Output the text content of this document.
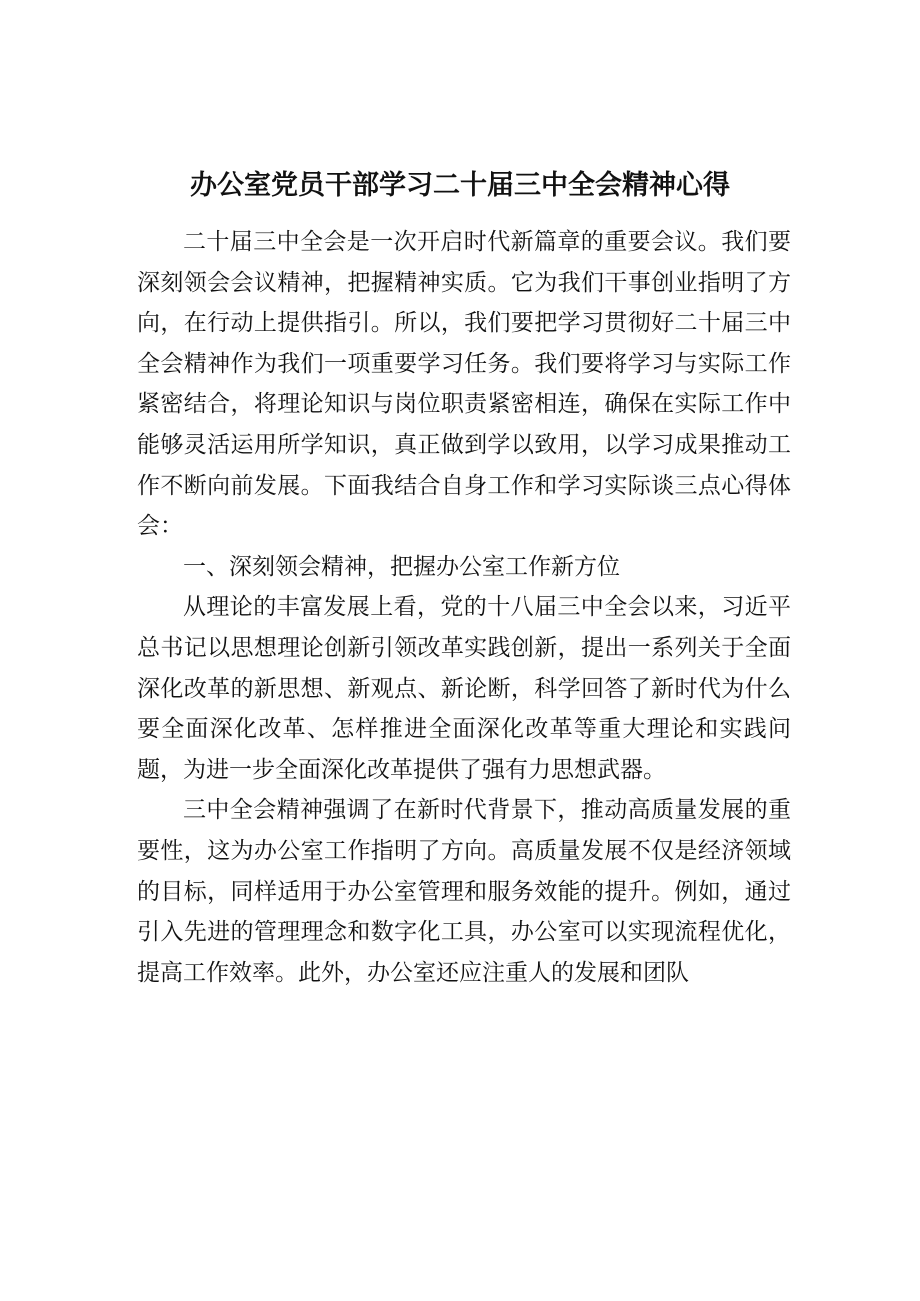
办公室党员干部学习二十届三中全会精神心得

二十届三中全会是一次开启时代新篇章的重要会议。我们要深刻领会会议精神，把握精神实质。它为我们干事创业指明了方向，在行动上提供指引。所以，我们要把学习贯彻好二十届三中全会精神作为我们一项重要学习任务。我们要将学习与实际工作紧密结合，将理论知识与岗位职责紧密相连，确保在实际工作中能够灵活运用所学知识，真正做到学以致用，以学习成果推动工作不断向前发展。下面我结合自身工作和学习实际谈三点心得体会：

一、深刻领会精神，把握办公室工作新方位

从理论的丰富发展上看，党的十八届三中全会以来，习近平总书记以思想理论创新引领改革实践创新，提出一系列关于全面深化改革的新思想、新观点、新论断，科学回答了新时代为什么要全面深化改革、怎样推进全面深化改革等重大理论和实践问题，为进一步全面深化改革提供了强有力思想武器。

三中全会精神强调了在新时代背景下，推动高质量发展的重要性，这为办公室工作指明了方向。高质量发展不仅是经济领域的目标，同样适用于办公室管理和服务效能的提升。例如，通过引入先进的管理理念和数字化工具，办公室可以实现流程优化，提高工作效率。此外，办公室还应注重人的发展和团队
